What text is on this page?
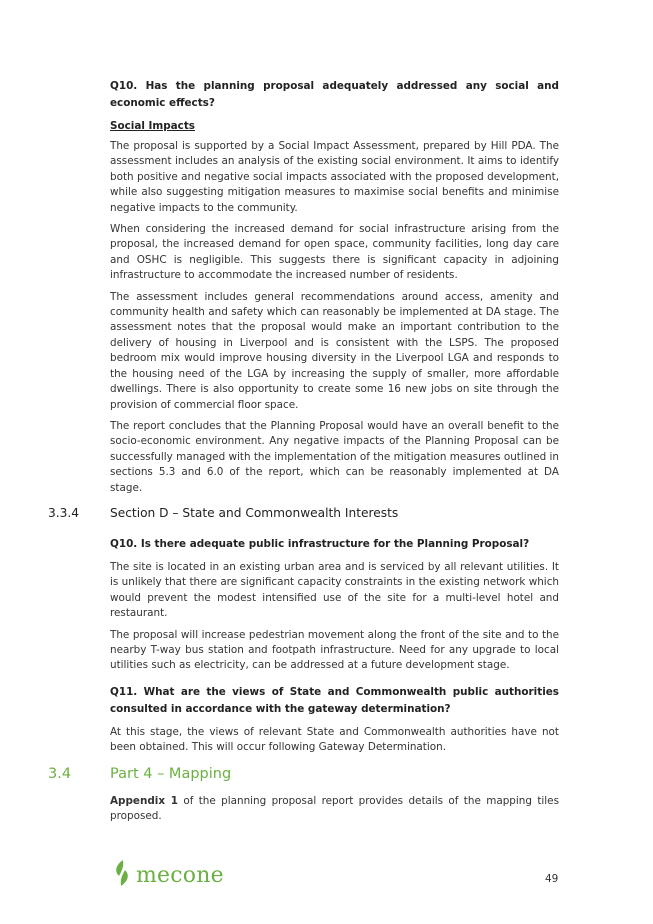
Q10. Has the planning proposal adequately addressed any social and economic effects?
Social Impacts

The proposal is supported by a Social Impact Assessment, prepared by Hill PDA. The assessment includes an analysis of the existing social environment. It aims to identify both positive and negative social impacts associated with the proposed development, while also suggesting mitigation measures to maximise social benefits and minimise negative impacts to the community.

When considering the increased demand for social infrastructure arising from the proposal, the increased demand for open space, community facilities, long day care and OSHC is negligible. This suggests there is significant capacity in adjoining infrastructure to accommodate the increased number of residents.

The assessment includes general recommendations around access, amenity and community health and safety which can reasonably be implemented at DA stage. The assessment notes that the proposal would make an important contribution to the delivery of housing in Liverpool and is consistent with the LSPS. The proposed bedroom mix would improve housing diversity in the Liverpool LGA and responds to the housing need of the LGA by increasing the supply of smaller, more affordable dwellings. There is also opportunity to create some 16 new jobs on site through the provision of commercial floor space.

The report concludes that the Planning Proposal would have an overall benefit to the socio-economic environment. Any negative impacts of the Planning Proposal can be successfully managed with the implementation of the mitigation measures outlined in sections 5.3 and 6.0 of the report, which can be reasonably implemented at DA stage.

3.3.4	Section D – State and Commonwealth Interests
Q10. Is there adequate public infrastructure for the Planning Proposal?

The site is located in an existing urban area and is serviced by all relevant utilities. It is unlikely that there are significant capacity constraints in the existing network which would prevent the modest intensified use of the site for a multi-level hotel and restaurant.

The proposal will increase pedestrian movement along the front of the site and to the nearby T-way bus station and footpath infrastructure. Need for any upgrade to local utilities such as electricity, can be addressed at a future development stage.

Q11. What are the views of State and Commonwealth public authorities consulted in accordance with the gateway determination?

At this stage, the views of relevant State and Commonwealth authorities have not been obtained. This will occur following Gateway Determination.

3.4	Part 4 – Mapping

Appendix 1 of the planning proposal report provides details of the mapping tiles proposed.

mecone	49
